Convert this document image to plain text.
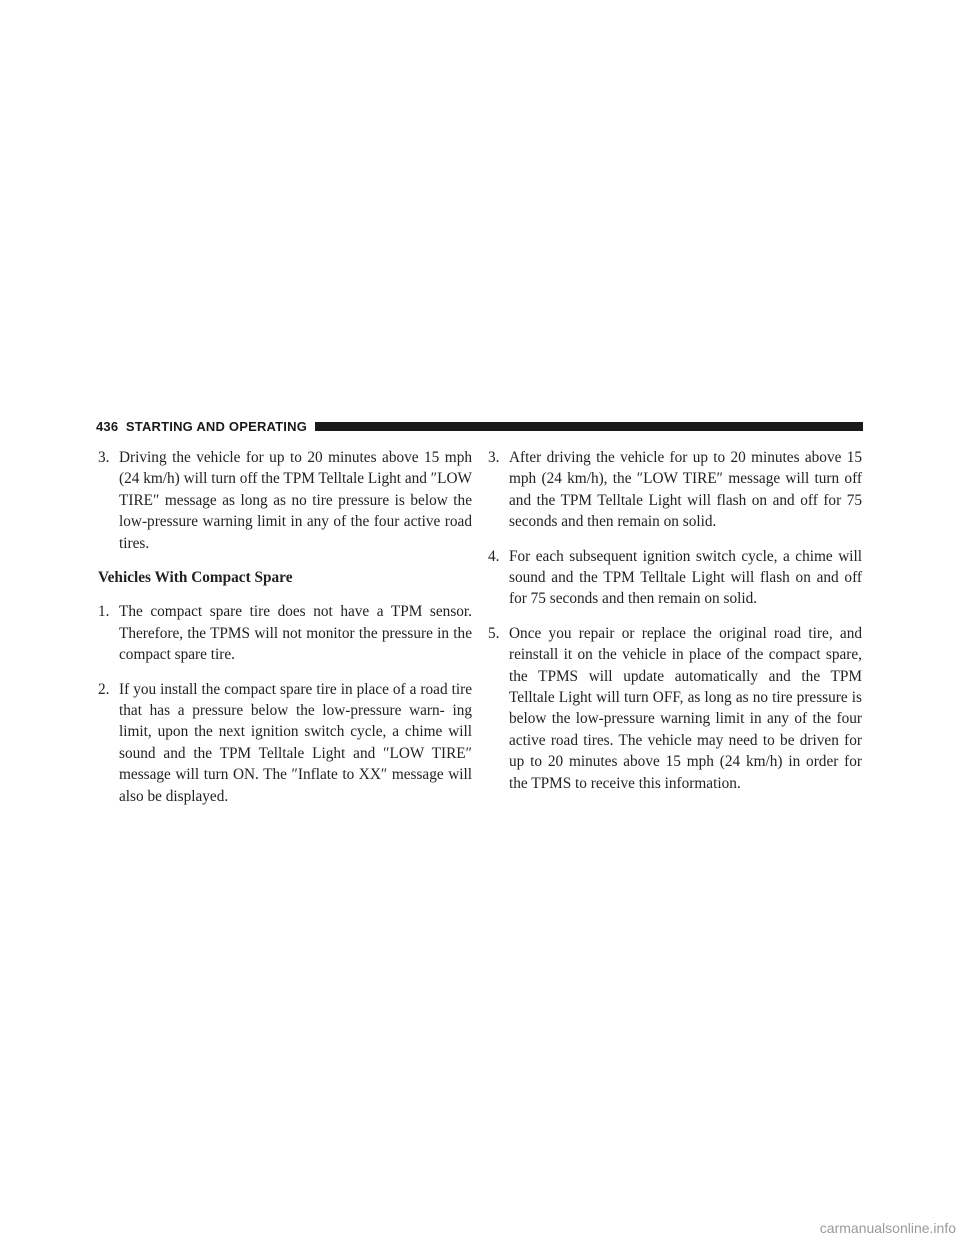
436 STARTING AND OPERATING

3. Driving the vehicle for up to 20 minutes above 15 mph (24 km/h) will turn off the TPM Telltale Light and ″LOW TIRE″ message as long as no tire pressure is below the low-pressure warning limit in any of the four active road tires.

Vehicles With Compact Spare

1. The compact spare tire does not have a TPM sensor. Therefore, the TPMS will not monitor the pressure in the compact spare tire.

2. If you install the compact spare tire in place of a road tire that has a pressure below the low-pressure warn- ing limit, upon the next ignition switch cycle, a chime will sound and the TPM Telltale Light and ″LOW TIRE″ message will turn ON. The ″Inflate to XX″ message will also be displayed.

3. After driving the vehicle for up to 20 minutes above 15 mph (24 km/h), the ″LOW TIRE″ message will turn off and the TPM Telltale Light will flash on and off for 75 seconds and then remain on solid.

4. For each subsequent ignition switch cycle, a chime will sound and the TPM Telltale Light will flash on and off for 75 seconds and then remain on solid.

5. Once you repair or replace the original road tire, and reinstall it on the vehicle in place of the compact spare, the TPMS will update automatically and the TPM Telltale Light will turn OFF, as long as no tire pressure is below the low-pressure warning limit in any of the four active road tires. The vehicle may need to be driven for up to 20 minutes above 15 mph (24 km/h) in order for the TPMS to receive this information.

carmanualsonline.info
